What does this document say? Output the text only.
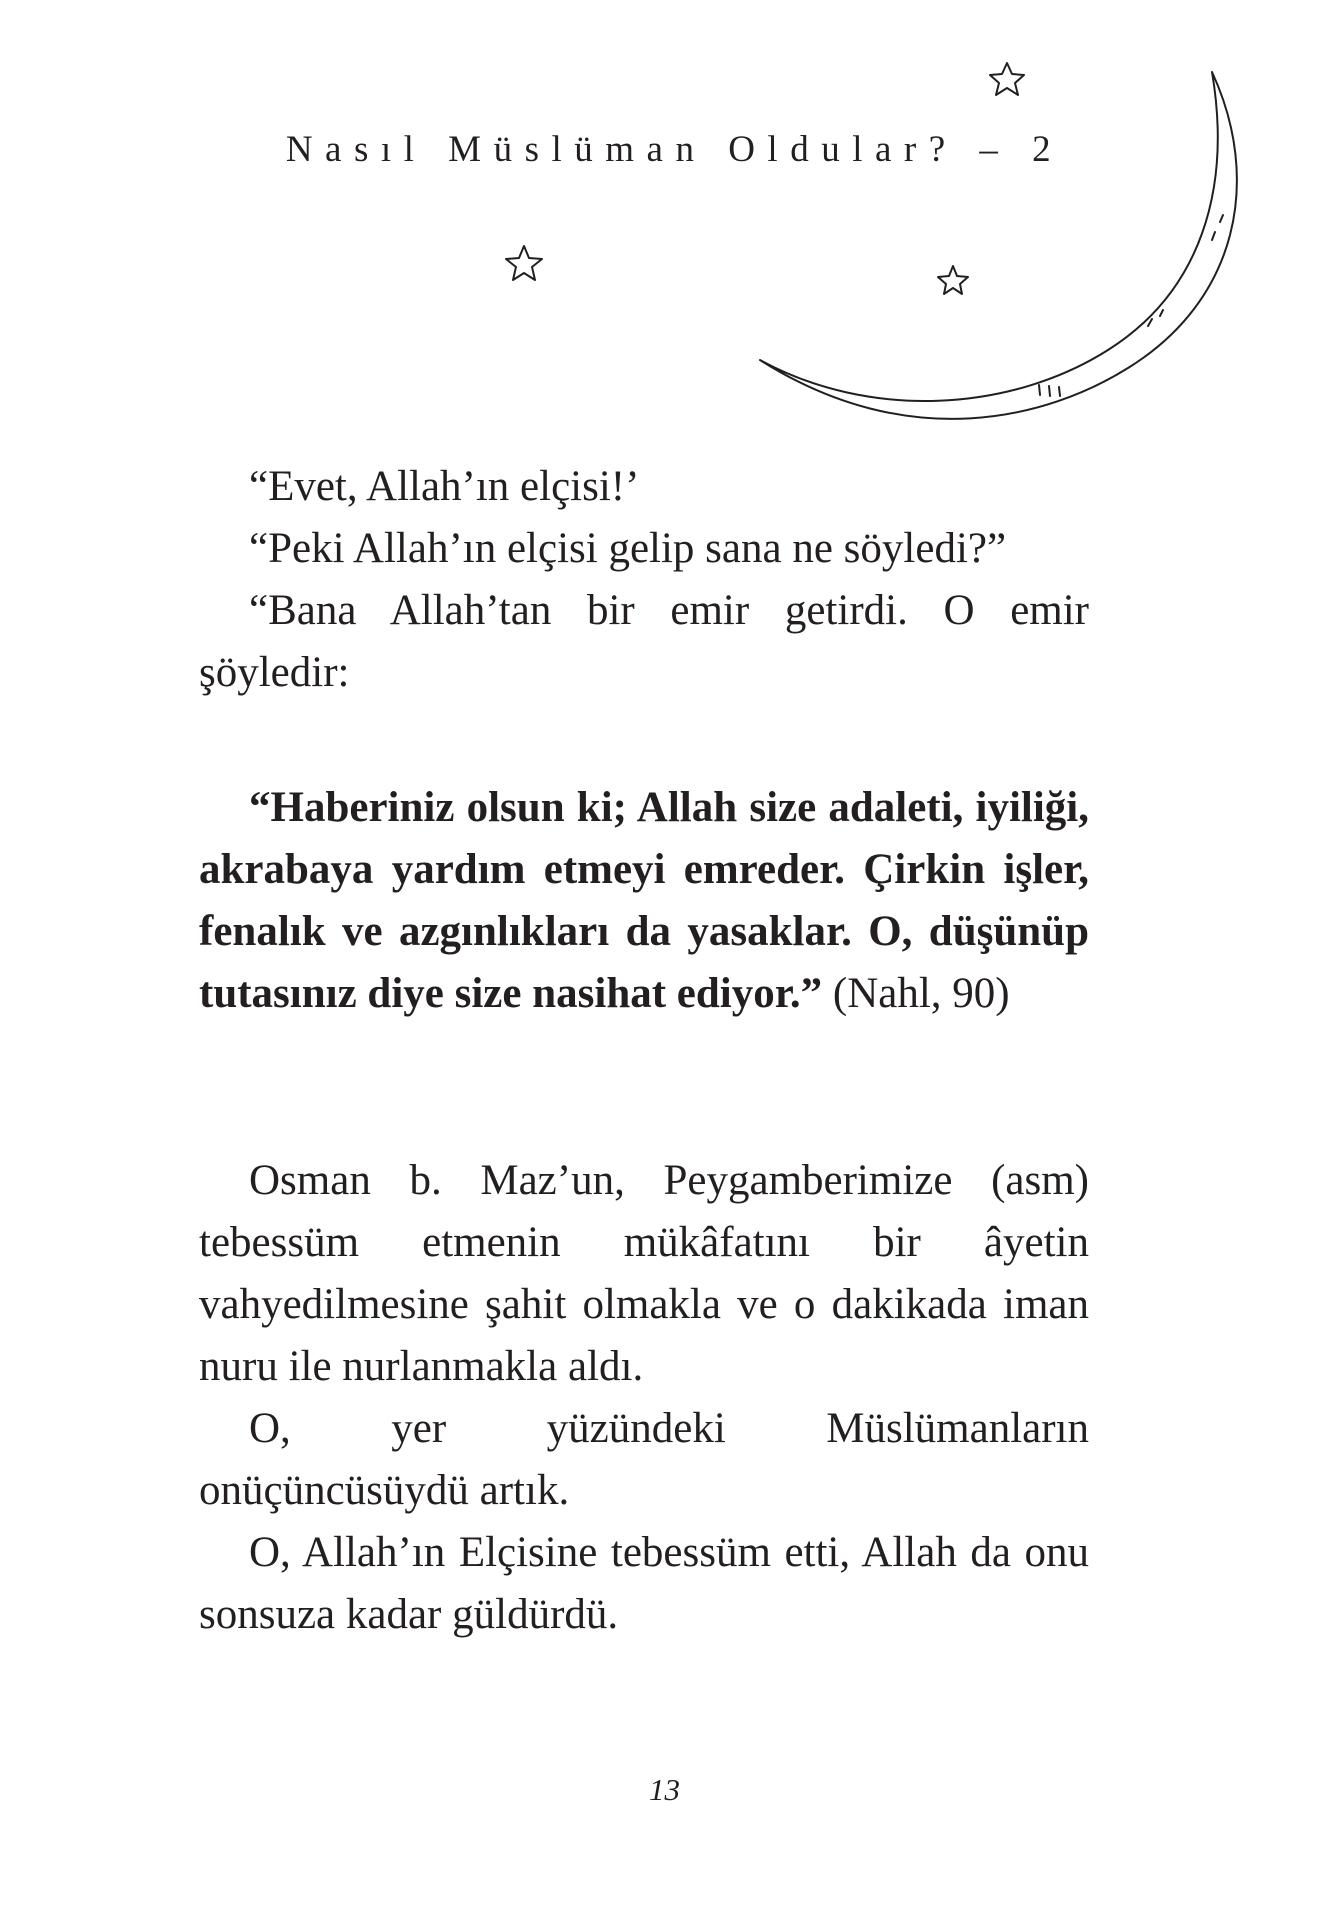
Nasıl Müslüman Oldular? – 2

“Evet, Allah’ın elçisi!’

“Peki Allah’ın elçisi gelip sana ne söyledi?”

“Bana Allah’tan bir emir getirdi. O emir şöyledir:

“Haberiniz olsun ki; Allah size adaleti, iyiliği, akrabaya yardım etmeyi emreder. Çirkin işler, fenalık ve azgınlıkları da yasaklar. O, düşünüp tutasınız diye size nasihat ediyor.” (Nahl, 90)

Osman b. Maz’un, Peygamberimize (asm) tebessüm etmenin mükâfatını bir âyetin vahyedilmesine şahit olmakla ve o dakikada iman nuru ile nurlanmakla aldı.

O, yer yüzündeki Müslümanların onüçüncüsüydü artık.

O, Allah’ın Elçisine tebessüm etti, Allah da onu sonsuza kadar güldürdü.

13
